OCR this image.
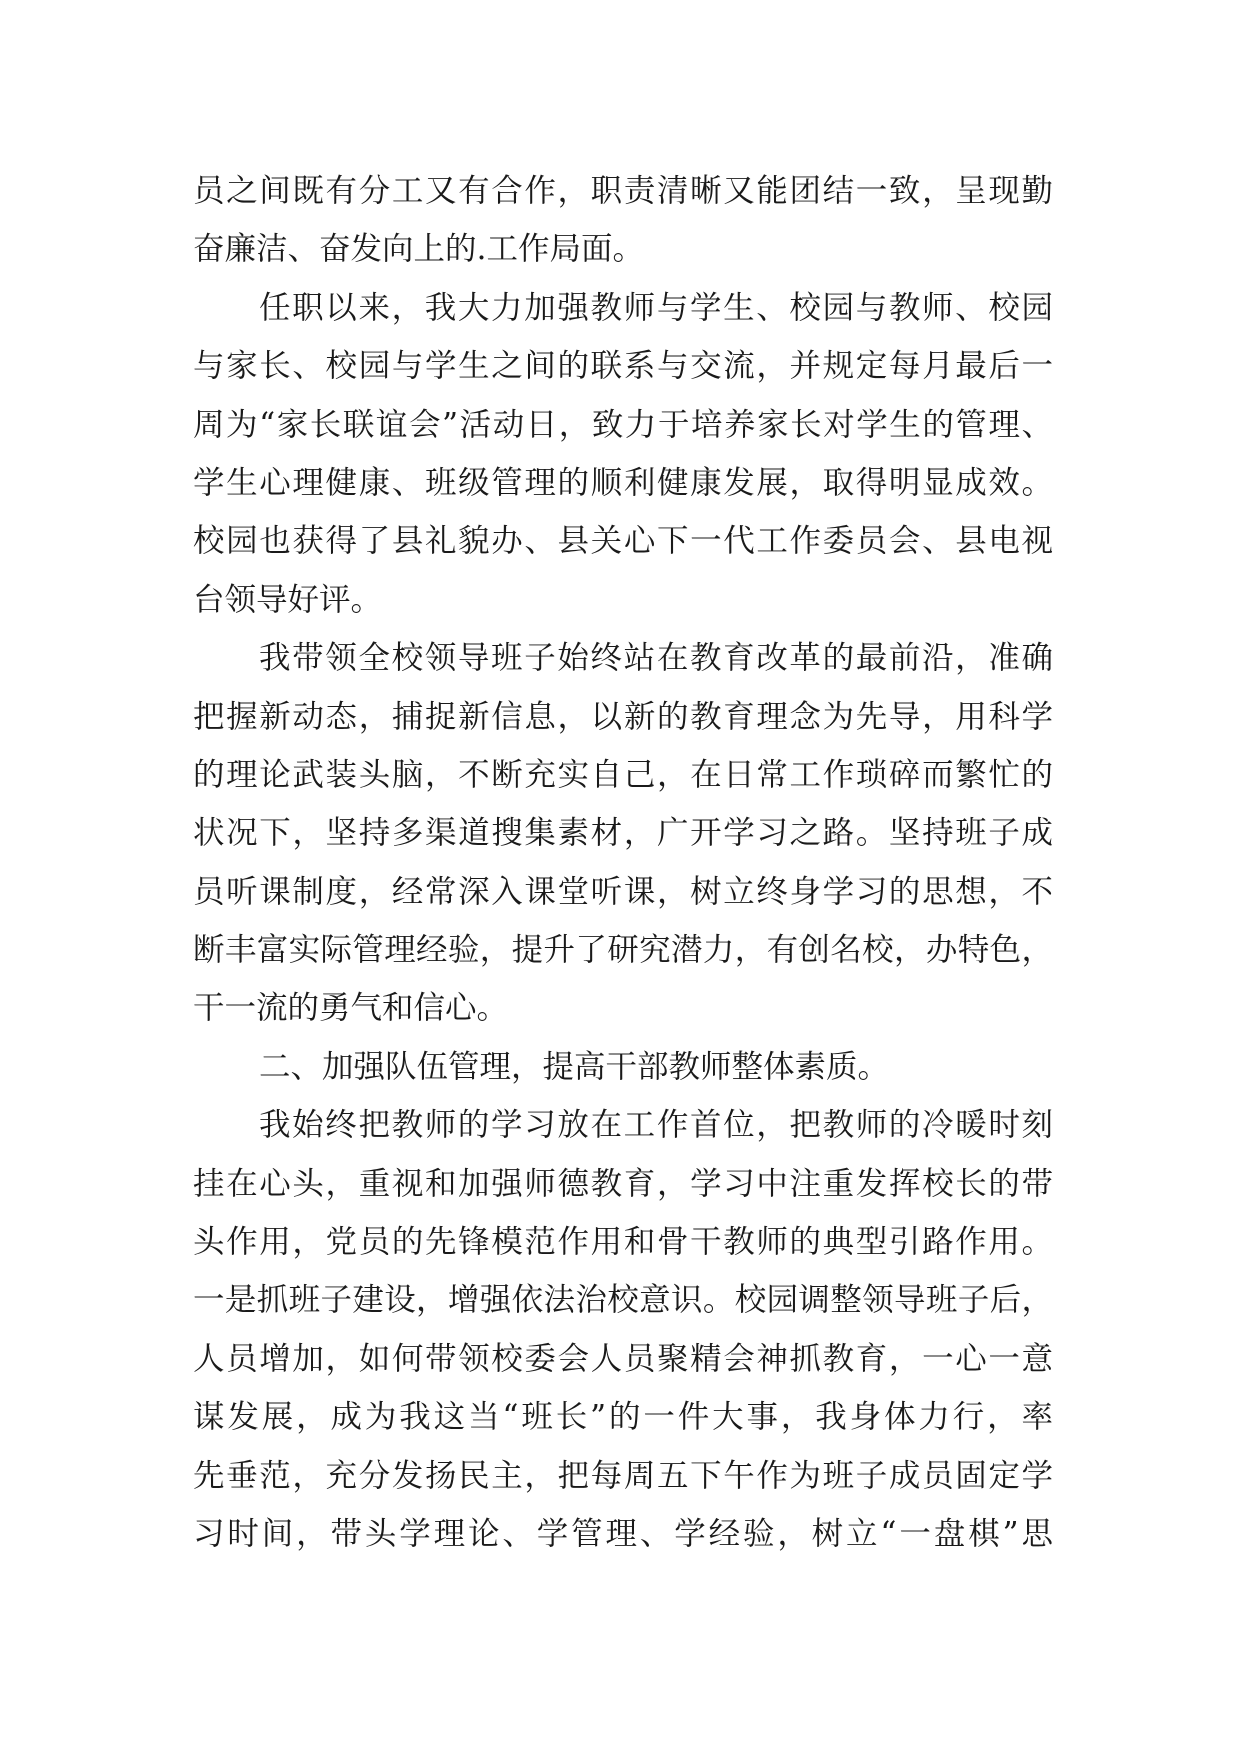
员之间既有分工又有合作，职责清晰又能团结一致，呈现勤
奋廉洁、奋发向上的.工作局面。
任职以来，我大力加强教师与学生、校园与教师、校园
与家长、校园与学生之间的联系与交流，并规定每月最后一
周为“家长联谊会”活动日，致力于培养家长对学生的管理、
学生心理健康、班级管理的顺利健康发展，取得明显成效。
校园也获得了县礼貌办、县关心下一代工作委员会、县电视
台领导好评。
我带领全校领导班子始终站在教育改革的最前沿，准确
把握新动态，捕捉新信息，以新的教育理念为先导，用科学
的理论武装头脑，不断充实自己，在日常工作琐碎而繁忙的
状况下，坚持多渠道搜集素材，广开学习之路。坚持班子成
员听课制度，经常深入课堂听课，树立终身学习的思想，不
断丰富实际管理经验，提升了研究潜力，有创名校，办特色，
干一流的勇气和信心。
二、加强队伍管理，提高干部教师整体素质。
我始终把教师的学习放在工作首位，把教师的冷暖时刻
挂在心头，重视和加强师德教育，学习中注重发挥校长的带
头作用，党员的先锋模范作用和骨干教师的典型引路作用。
一是抓班子建设，增强依法治校意识。校园调整领导班子后，
人员增加，如何带领校委会人员聚精会神抓教育，一心一意
谋发展，成为我这当“班长”的一件大事，我身体力行，率
先垂范，充分发扬民主，把每周五下午作为班子成员固定学
习时间，带头学理论、学管理、学经验，树立“一盘棋”思
